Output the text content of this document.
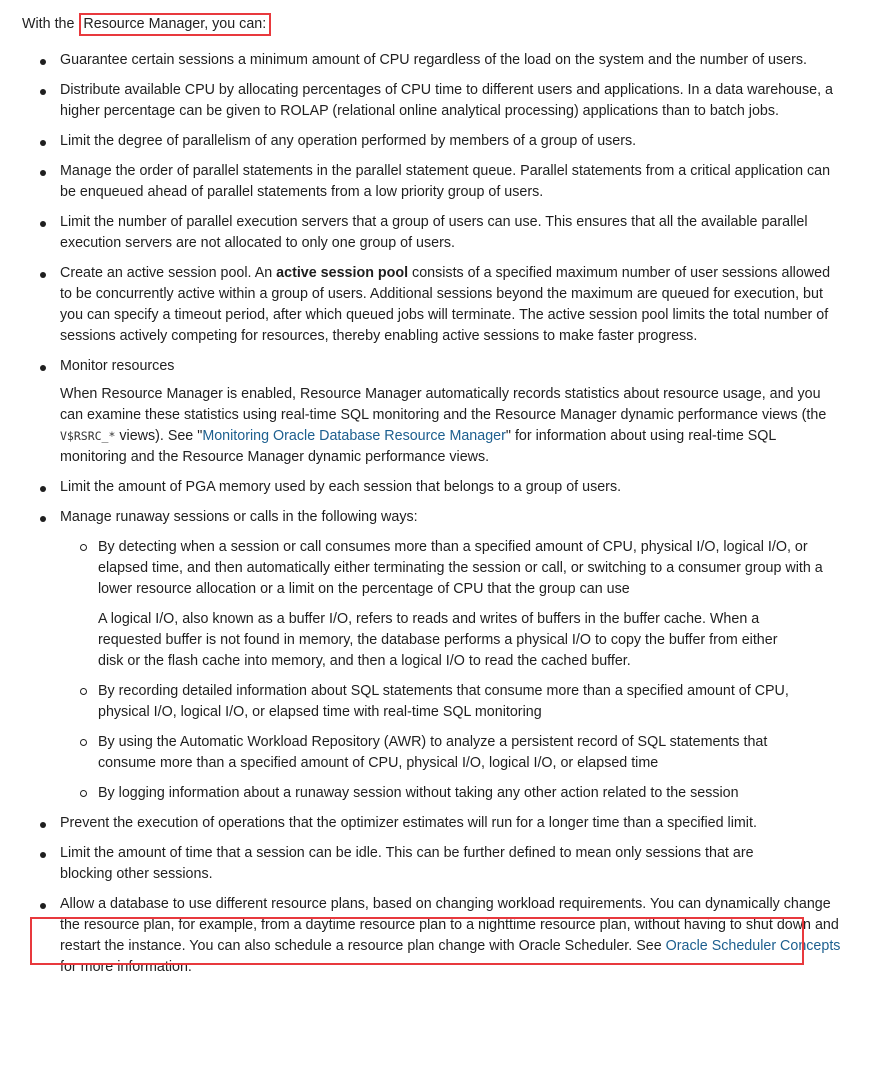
With the Resource Manager, you can:
Guarantee certain sessions a minimum amount of CPU regardless of the load on the system and the number of users.
Distribute available CPU by allocating percentages of CPU time to different users and applications. In a data warehouse, a higher percentage can be given to ROLAP (relational online analytical processing) applications than to batch jobs.
Limit the degree of parallelism of any operation performed by members of a group of users.
Manage the order of parallel statements in the parallel statement queue. Parallel statements from a critical application can be enqueued ahead of parallel statements from a low priority group of users.
Limit the number of parallel execution servers that a group of users can use. This ensures that all the available parallel execution servers are not allocated to only one group of users.
Create an active session pool. An active session pool consists of a specified maximum number of user sessions allowed to be concurrently active within a group of users. Additional sessions beyond the maximum are queued for execution, but you can specify a timeout period, after which queued jobs will terminate. The active session pool limits the total number of sessions actively competing for resources, thereby enabling active sessions to make faster progress.
Monitor resources

When Resource Manager is enabled, Resource Manager automatically records statistics about resource usage, and you can examine these statistics using real-time SQL monitoring and the Resource Manager dynamic performance views (the V$RSRC_* views). See "Monitoring Oracle Database Resource Manager" for information about using real-time SQL monitoring and the Resource Manager dynamic performance views.

Limit the amount of PGA memory used by each session that belongs to a group of users.
Manage runaway sessions or calls in the following ways:
By detecting when a session or call consumes more than a specified amount of CPU, physical I/O, logical I/O, or elapsed time, and then automatically either terminating the session or call, or switching to a consumer group with a lower resource allocation or a limit on the percentage of CPU that the group can use

A logical I/O, also known as a buffer I/O, refers to reads and writes of buffers in the buffer cache. When a requested buffer is not found in memory, the database performs a physical I/O to copy the buffer from either disk or the flash cache into memory, and then a logical I/O to read the cached buffer.

By recording detailed information about SQL statements that consume more than a specified amount of CPU, physical I/O, logical I/O, or elapsed time with real-time SQL monitoring
By using the Automatic Workload Repository (AWR) to analyze a persistent record of SQL statements that consume more than a specified amount of CPU, physical I/O, logical I/O, or elapsed time
By logging information about a runaway session without taking any other action related to the session
Prevent the execution of operations that the optimizer estimates will run for a longer time than a specified limit.
Limit the amount of time that a session can be idle. This can be further defined to mean only sessions that are blocking other sessions.
Allow a database to use different resource plans, based on changing workload requirements. You can dynamically change the resource plan, for example, from a daytime resource plan to a nighttime resource plan, without having to shut down and restart the instance. You can also schedule a resource plan change with Oracle Scheduler. See Oracle Scheduler Concepts for more information.
